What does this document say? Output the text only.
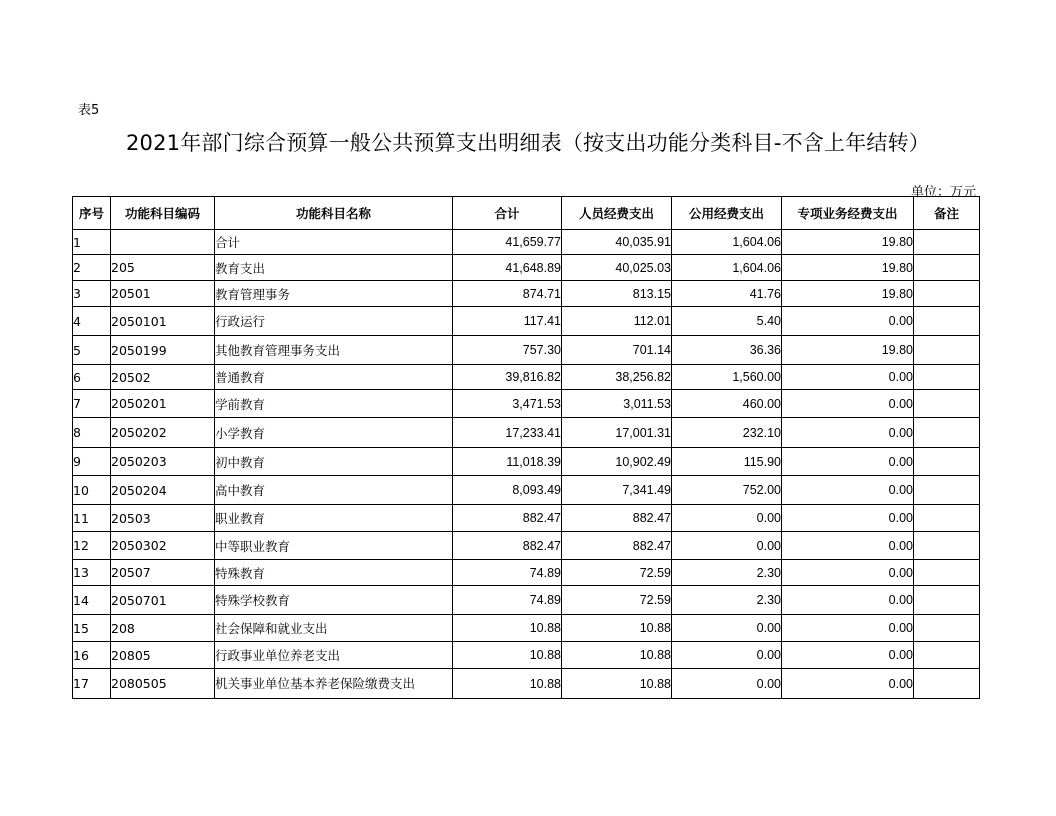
表5
2021年部门综合预算一般公共预算支出明细表（按支出功能分类科目-不含上年结转）
单位：万元
序号	功能科目编码	功能科目名称	合计	人员经费支出	公用经费支出	专项业务经费支出	备注
1		合计	41,659.77	40,035.91	1,604.06	19.80	
2	205	教育支出	41,648.89	40,025.03	1,604.06	19.80	
3	20501	教育管理事务	874.71	813.15	41.76	19.80	
4	2050101	行政运行	117.41	112.01	5.40	0.00	
5	2050199	其他教育管理事务支出	757.30	701.14	36.36	19.80	
6	20502	普通教育	39,816.82	38,256.82	1,560.00	0.00	
7	2050201	学前教育	3,471.53	3,011.53	460.00	0.00	
8	2050202	小学教育	17,233.41	17,001.31	232.10	0.00	
9	2050203	初中教育	11,018.39	10,902.49	115.90	0.00	
10	2050204	高中教育	8,093.49	7,341.49	752.00	0.00	
11	20503	职业教育	882.47	882.47	0.00	0.00	
12	2050302	中等职业教育	882.47	882.47	0.00	0.00	
13	20507	特殊教育	74.89	72.59	2.30	0.00	
14	2050701	特殊学校教育	74.89	72.59	2.30	0.00	
15	208	社会保障和就业支出	10.88	10.88	0.00	0.00	
16	20805	行政事业单位养老支出	10.88	10.88	0.00	0.00	
17	2080505	机关事业单位基本养老保险缴费支出	10.88	10.88	0.00	0.00	
